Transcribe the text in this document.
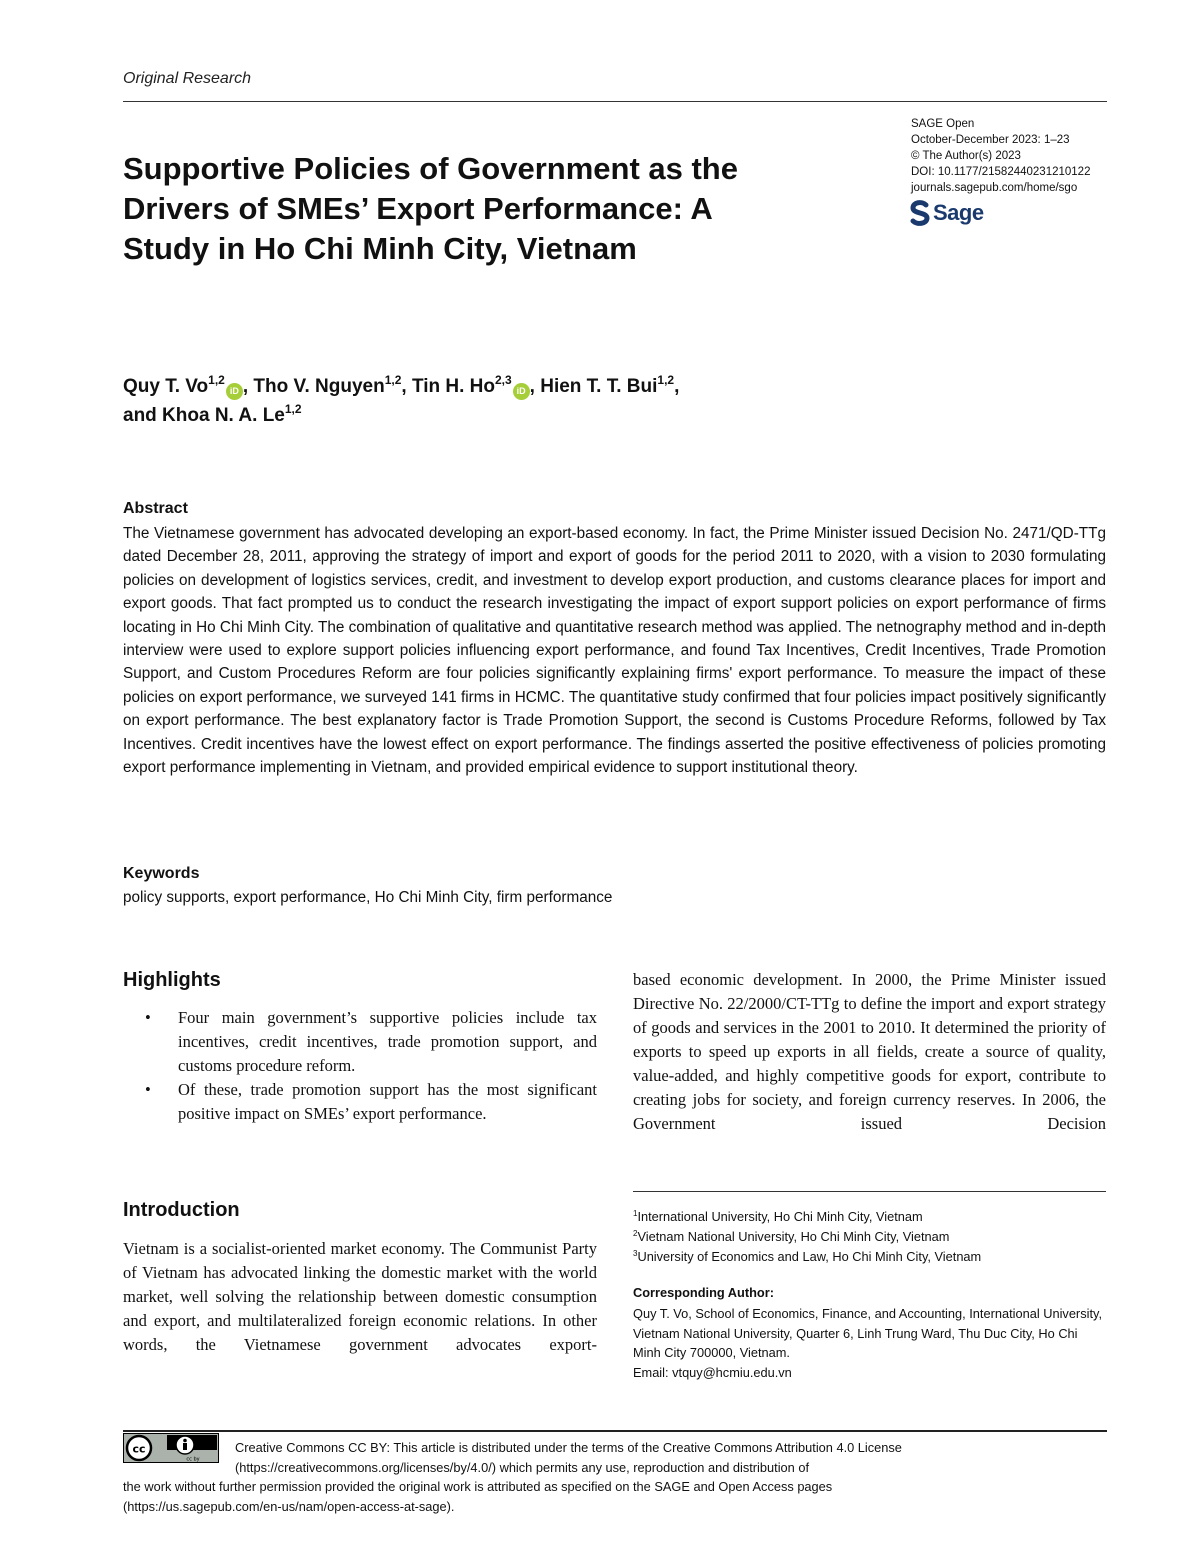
Original Research
SAGE Open
October-December 2023: 1–23
© The Author(s) 2023
DOI: 10.1177/21582440231210122
journals.sagepub.com/home/sgo
Sage
Supportive Policies of Government as the Drivers of SMEs’ Export Performance: A Study in Ho Chi Minh City, Vietnam
Quy T. Vo$^{1,2}$iD , Tho V. Nguyen$^{1,2}$, Tin H. Ho$^{2,3}$iD , Hien T. T. Bui$^{1,2}$,
and Khoa N. A. Le$^{1,2}$
Abstract

The Vietnamese government has advocated developing an export-based economy. In fact, the Prime Minister issued Decision No. 2471/QD-TTg dated December 28, 2011, approving the strategy of import and export of goods for the period 2011 to 2020, with a vision to 2030 formulating policies on development of logistics services, credit, and investment to develop export production, and customs clearance places for import and export goods. That fact prompted us to conduct the research investigating the impact of export support policies on export performance of firms locating in Ho Chi Minh City. The combination of qualitative and quantitative research method was applied. The netnography method and in-depth interview were used to explore support policies influencing export performance, and found Tax Incentives, Credit Incentives, Trade Promotion Support, and Custom Procedures Reform are four policies significantly explaining firms' export performance. To measure the impact of these policies on export performance, we surveyed 141 firms in HCMC. The quantitative study confirmed that four policies impact positively significantly on export performance. The best explanatory factor is Trade Promotion Support, the second is Customs Procedure Reforms, followed by Tax Incentives. Credit incentives have the lowest effect on export performance. The findings asserted the positive effectiveness of policies promoting export performance implementing in Vietnam, and provided empirical evidence to support institutional theory.

Keywords

policy supports, export performance, Ho Chi Minh City, firm performance

Highlights
• Four main government’s supportive policies include tax incentives, credit incentives, trade promotion support, and customs procedure reform.
• Of these, trade promotion support has the most significant positive impact on SMEs’ export performance.
Introduction

Vietnam is a socialist-oriented market economy. The Communist Party of Vietnam has advocated linking the domestic market with the world market, well solving the relationship between domestic consumption and export, and multilateralized foreign economic relations. In other words, the Vietnamese government advocates export-

based economic development. In 2000, the Prime Minister issued Directive No. 22/2000/CT-TTg to define the import and export strategy of goods and services in the 2001 to 2010. It determined the priority of exports to speed up exports in all fields, create a source of quality, value-added, and highly competitive goods for export, contribute to creating jobs for society, and foreign currency reserves. In 2006, the Government issued Decision

$^1$International University, Ho Chi Minh City, Vietnam
$^2$Vietnam National University, Ho Chi Minh City, Vietnam
$^3$University of Economics and Law, Ho Chi Minh City, Vietnam
Corresponding Author:
Quy T. Vo, School of Economics, Finance, and Accounting, International University, Vietnam National University, Quarter 6, Linh Trung Ward, Thu Duc City, Ho Chi Minh City 700000, Vietnam.
Email: vtquy@hcmiu.edu.vn
cc
cc by
Creative Commons CC BY: This article is distributed under the terms of the Creative Commons Attribution 4.0 License
(https://creativecommons.org/licenses/by/4.0/) which permits any use, reproduction and distribution of
the work without further permission provided the original work is attributed as specified on the SAGE and Open Access pages
(https://us.sagepub.com/en-us/nam/open-access-at-sage).
